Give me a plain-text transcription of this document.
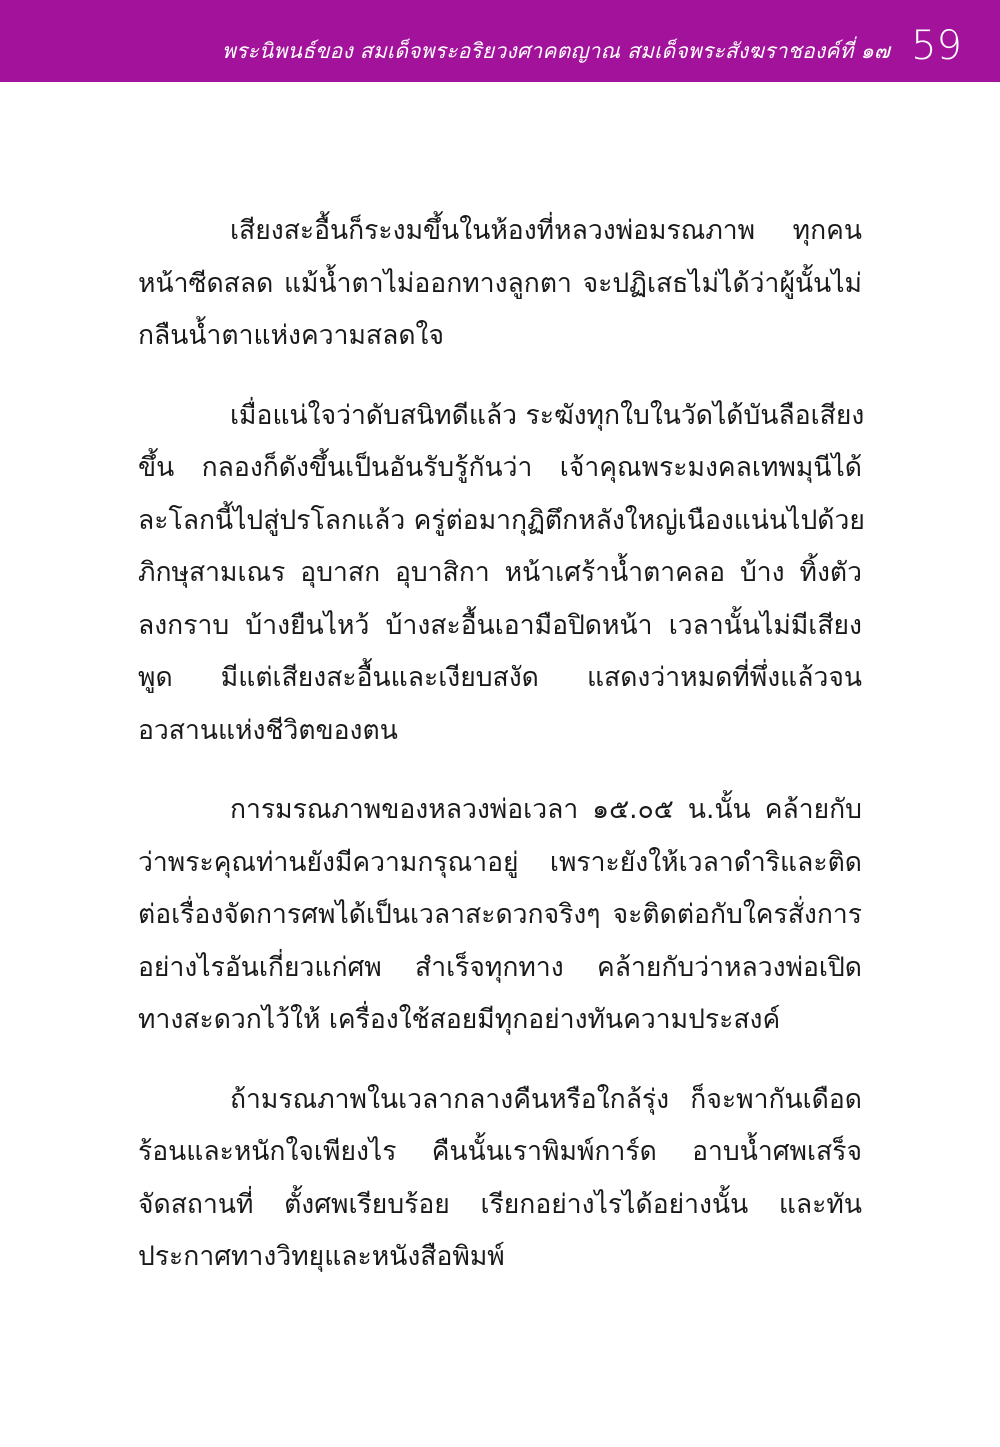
พระนิพนธ์ของ สมเด็จพระอริยวงศาคตญาณ สมเด็จพระสังฆราชองค์ที่ ๑๗ 59

เสียงสะอื้นก็ระงมขึ้นในห้องที่หลวงพ่อมรณภาพ ทุกคน
หน้าซีดสลด แม้น้ำตาไม่ออกทางลูกตา จะปฏิเสธไม่ได้ว่าผู้นั้นไม่
กลืนน้ำตาแห่งความสลดใจ

เมื่อแน่ใจว่าดับสนิทดีแล้ว ระฆังทุกใบในวัดได้บันลือเสียง
ขึ้น กลองก็ดังขึ้นเป็นอันรับรู้กันว่า เจ้าคุณพระมงคลเทพมุนีได้
ละโลกนี้ไปสู่ปรโลกแล้ว ครู่ต่อมากุฏิตึกหลังใหญ่เนืองแน่นไปด้วย
ภิกษุสามเณร อุบาสก อุบาสิกา หน้าเศร้าน้ำตาคลอ บ้าง ทิ้งตัว
ลงกราบ บ้างยืนไหว้ บ้างสะอื้นเอามือปิดหน้า เวลานั้นไม่มีเสียง
พูด มีแต่เสียงสะอื้นและเงียบสงัด แสดงว่าหมดที่พึ่งแล้วจน
อวสานแห่งชีวิตของตน

การมรณภาพของหลวงพ่อเวลา ๑๕.๐๕ น.นั้น คล้ายกับ
ว่าพระคุณท่านยังมีความกรุณาอยู่ เพราะยังให้เวลาดำริและติด
ต่อเรื่องจัดการศพได้เป็นเวลาสะดวกจริงๆ จะติดต่อกับใครสั่งการ
อย่างไรอันเกี่ยวแก่ศพ สำเร็จทุกทาง คล้ายกับว่าหลวงพ่อเปิด
ทางสะดวกไว้ให้ เครื่องใช้สอยมีทุกอย่างทันความประสงค์

ถ้ามรณภาพในเวลากลางคืนหรือใกล้รุ่ง ก็จะพากันเดือด
ร้อนและหนักใจเพียงไร คืนนั้นเราพิมพ์การ์ด อาบน้ำศพเสร็จ
จัดสถานที่ ตั้งศพเรียบร้อย เรียกอย่างไรได้อย่างนั้น และทัน
ประกาศทางวิทยุและหนังสือพิมพ์
